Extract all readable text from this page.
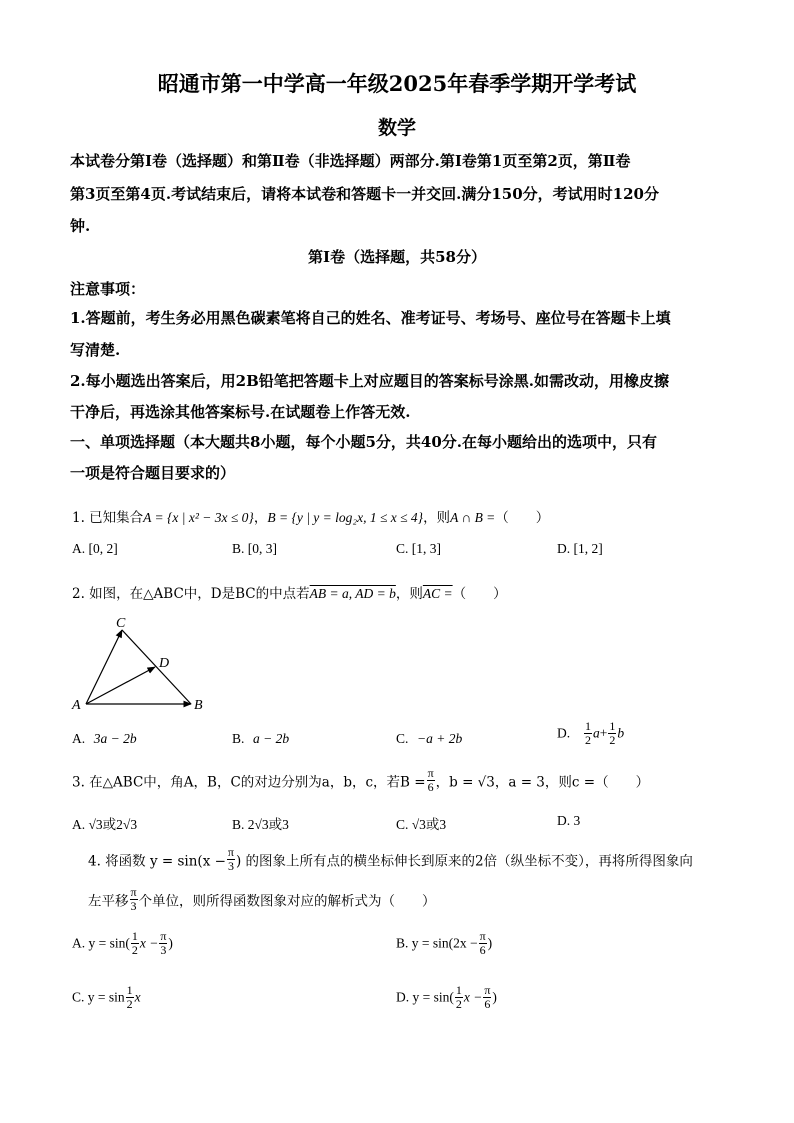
昭通市第一中学高一年级2025年春季学期开学考试
数学
本试卷分第Ⅰ卷（选择题）和第Ⅱ卷（非选择题）两部分.第Ⅰ卷第1页至第2页，第Ⅱ卷
第3页至第4页.考试结束后，请将本试卷和答题卡一并交回.满分150分，考试用时120分
钟.
第Ⅰ卷（选择题，共58分）
注意事项：
1.答题前，考生务必用黑色碳素笔将自己的姓名、准考证号、考场号、座位号在答题卡上填
写清楚.
2.每小题选出答案后，用2B铅笔把答题卡上对应题目的答案标号涂黑.如需改动，用橡皮擦
干净后，再选涂其他答案标号.在试题卷上作答无效.
一、单项选择题（本大题共8小题，每个小题5分，共40分.在每小题给出的选项中，只有
一项是符合题目要求的）
1. 已知集合A = {x | x² − 3x ≤ 0}，B = {y | y = log₂x, 1 ≤ x ≤ 4}，则A ∩ B =（　　）
A. [0, 2]	B. [0, 3]	C. [1, 3]	D. [1, 2]
2. 如图，在△ABC中，D是BC的中点若AB = a, AD = b，则AC =（　　）
C
D
A	B
A. 3a − 2b	B. a − 2b	C. −a + 2b	D. $\frac{1}{2} a+ \frac{1}{2}$ b
3. 在△ABC中，角A，B，C的对边分别为a，b，c，若$B = \frac{\pi}{6}$ ，b = √3，a = 3，则c =（　　）
A. √3或2√3	B. 2√3或3	C. √3或3	D. 3
4. 将函数 $y = \sin(x - \frac{\pi}{3}$ ) 的图象上所有点的横坐标伸长到原来的2倍（纵坐标不变），再将所得图象向
左平移 $\frac{\pi}{3}$ 个单位，则所得函数图象对应的解析式为（　　）
A. $y = \sin( \frac{1}{2}$ $x - \frac{\pi}{3}$ )	B. $y = \sin(2x - \frac{\pi}{6}$ )
C. $y = \sin \frac{1}{2}$ x	D. $y = \sin( \frac{1}{2}$ $x - \frac{\pi}{6}$ )
